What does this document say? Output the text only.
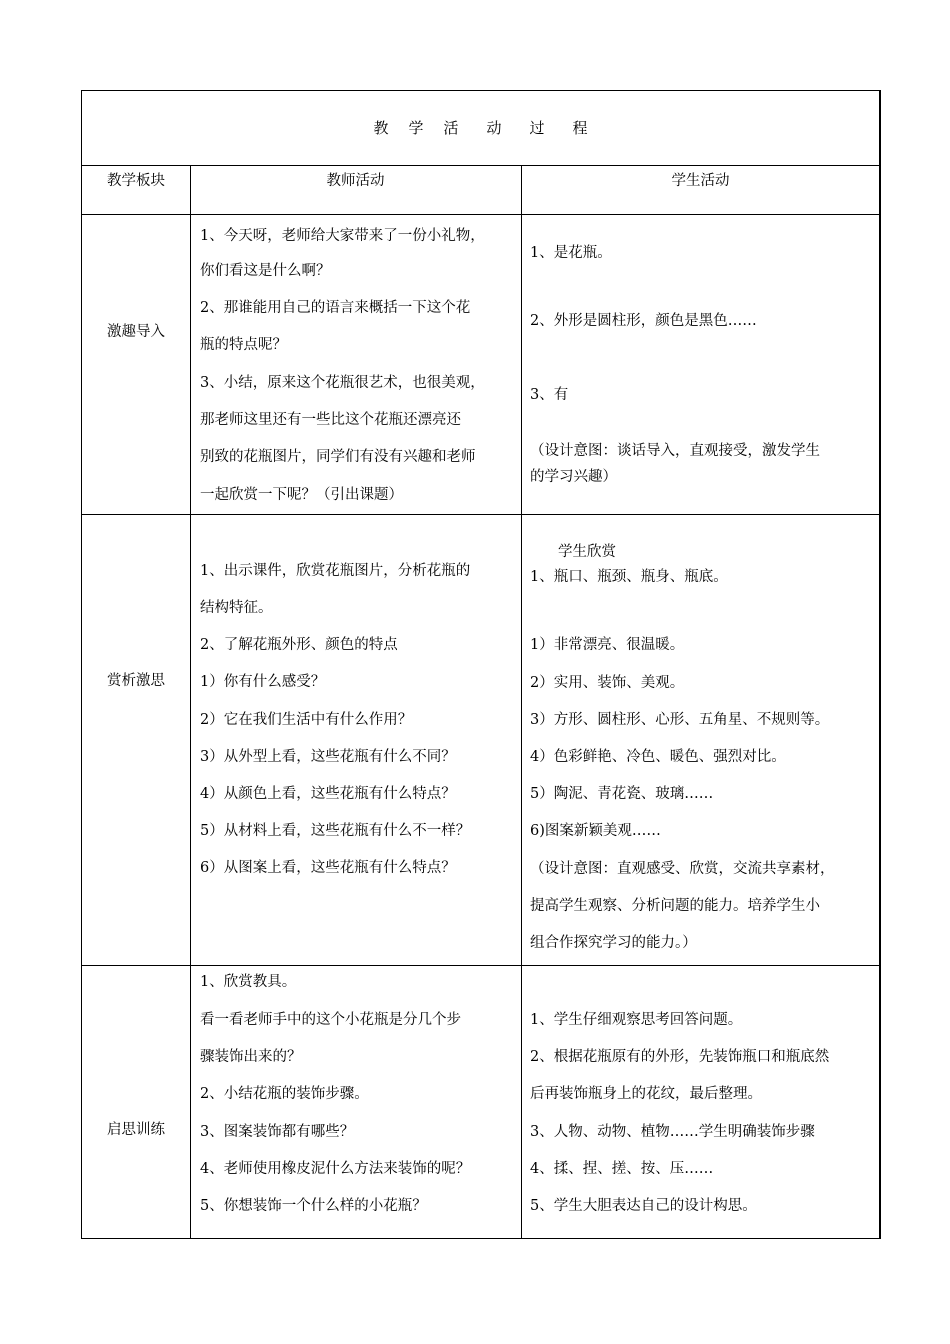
教 学 活 动 过 程
教学板块	教师活动	学生活动
激趣导入
1、今天呀，老师给大家带来了一份小礼物，
你们看这是什么啊？
2、那谁能用自己的语言来概括一下这个花
瓶的特点呢？
3、小结，原来这个花瓶很艺术，也很美观，
那老师这里还有一些比这个花瓶还漂亮还
别致的花瓶图片，同学们有没有兴趣和老师
一起欣赏一下呢？（引出课题）
1、是花瓶。
2、外形是圆柱形，颜色是黑色……
3、有
（设计意图：谈话导入，直观接受，激发学生
的学习兴趣）
赏析激思
1、出示课件，欣赏花瓶图片，分析花瓶的
结构特征。
2、了解花瓶外形、颜色的特点
1）你有什么感受？
2）它在我们生活中有什么作用？
3）从外型上看，这些花瓶有什么不同？
4）从颜色上看，这些花瓶有什么特点？
5）从材料上看，这些花瓶有什么不一样？
6）从图案上看，这些花瓶有什么特点？
学生欣赏
1、瓶口、瓶颈、瓶身、瓶底。
1）非常漂亮、很温暖。
2）实用、装饰、美观。
3）方形、圆柱形、心形、五角星、不规则等。
4）色彩鲜艳、冷色、暖色、强烈对比。
5）陶泥、青花瓷、玻璃……
6)图案新颖美观……
（设计意图：直观感受、欣赏，交流共享素材，
提高学生观察、分析问题的能力。培养学生小
组合作探究学习的能力。）
启思训练
1、欣赏教具。
看一看老师手中的这个小花瓶是分几个步
骤装饰出来的？
2、小结花瓶的装饰步骤。
3、图案装饰都有哪些？
4、老师使用橡皮泥什么方法来装饰的呢？
5、你想装饰一个什么样的小花瓶？
1、学生仔细观察思考回答问题。
2、根据花瓶原有的外形，先装饰瓶口和瓶底然
后再装饰瓶身上的花纹，最后整理。
3、人物、动物、植物……学生明确装饰步骤
4、揉、捏、搓、按、压……
5、学生大胆表达自己的设计构思。
